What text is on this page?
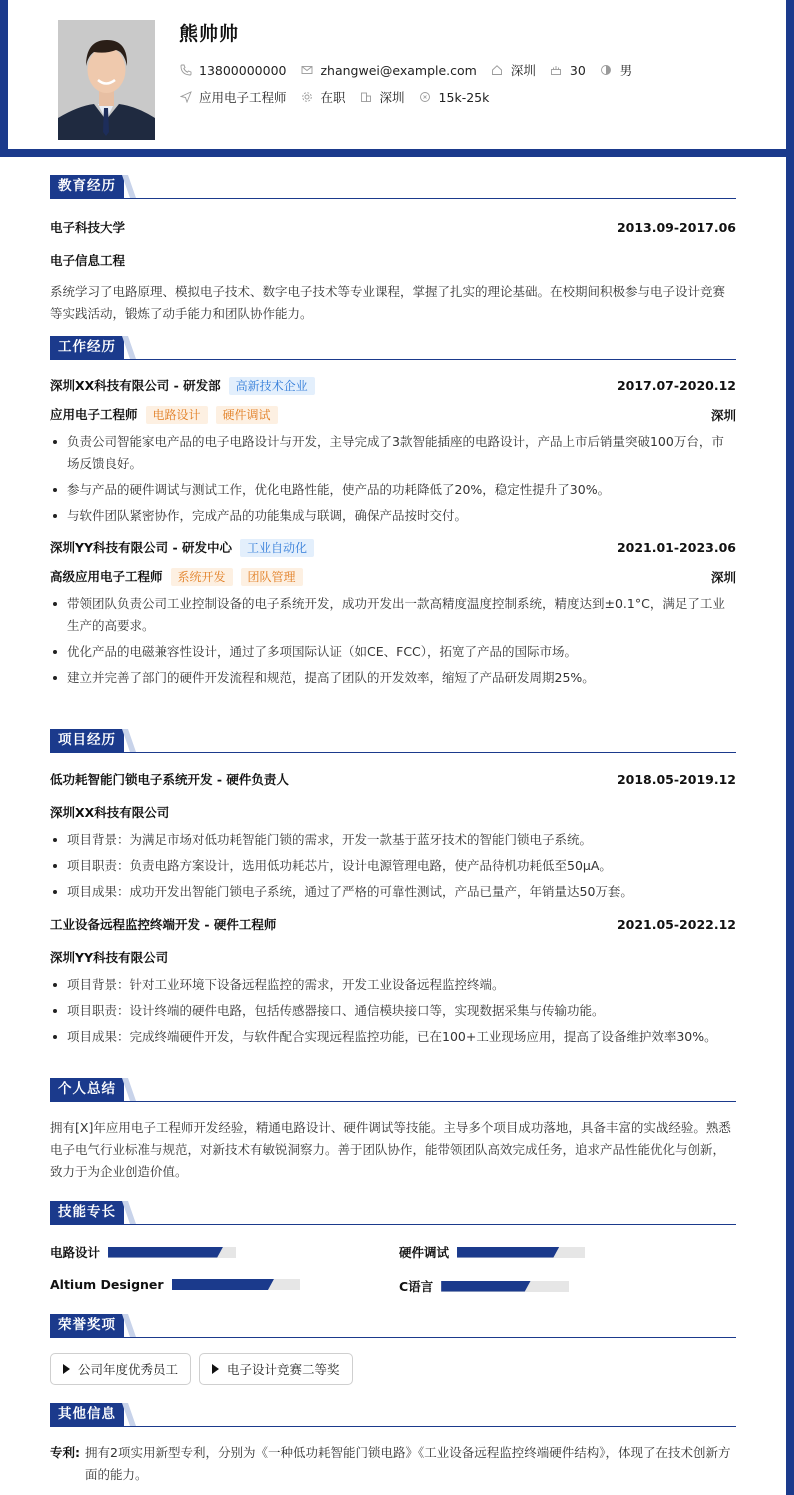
熊帅帅
13800000000	zhangwei@example.com	深圳	30	男
应用电子工程师	在职	深圳	15k-25k
教育经历
电子科技大学	2013.09-2017.06
电子信息工程

系统学习了电路原理、模拟电子技术、数字电子技术等专业课程，掌握了扎实的理论基础。在校期间积极参与电子设计竞赛等实践活动，锻炼了动手能力和团队协作能力。

工作经历
深圳XX科技有限公司 - 研发部 高新技术企业	2017.07-2020.12
应用电子工程师 电路设计 硬件调试	深圳
负责公司智能家电产品的电子电路设计与开发，主导完成了3款智能插座的电路设计，产品上市后销量突破100万台，市场反馈良好。
参与产品的硬件调试与测试工作，优化电路性能，使产品的功耗降低了20%，稳定性提升了30%。
与软件团队紧密协作，完成产品的功能集成与联调，确保产品按时交付。
深圳YY科技有限公司 - 研发中心 工业自动化	2021.01-2023.06
高级应用电子工程师 系统开发 团队管理	深圳
带领团队负责公司工业控制设备的电子系统开发，成功开发出一款高精度温度控制系统，精度达到±0.1°C，满足了工业生产的高要求。
优化产品的电磁兼容性设计，通过了多项国际认证（如CE、FCC），拓宽了产品的国际市场。
建立并完善了部门的硬件开发流程和规范，提高了团队的开发效率，缩短了产品研发周期25%。
项目经历
低功耗智能门锁电子系统开发 - 硬件负责人	2018.05-2019.12
深圳XX科技有限公司
项目背景：为满足市场对低功耗智能门锁的需求，开发一款基于蓝牙技术的智能门锁电子系统。
项目职责：负责电路方案设计，选用低功耗芯片，设计电源管理电路，使产品待机功耗低至50μA。
项目成果：成功开发出智能门锁电子系统，通过了严格的可靠性测试，产品已量产，年销量达50万套。
工业设备远程监控终端开发 - 硬件工程师	2021.05-2022.12
深圳YY科技有限公司
项目背景：针对工业环境下设备远程监控的需求，开发工业设备远程监控终端。
项目职责：设计终端的硬件电路，包括传感器接口、通信模块接口等，实现数据采集与传输功能。
项目成果：完成终端硬件开发，与软件配合实现远程监控功能，已在100+工业现场应用，提高了设备维护效率30%。
个人总结

拥有[X]年应用电子工程师开发经验，精通电路设计、硬件调试等技能。主导多个项目成功落地，具备丰富的实战经验。熟悉电子电气行业标准与规范，对新技术有敏锐洞察力。善于团队协作，能带领团队高效完成任务，追求产品性能优化与创新，致力于为企业创造价值。

技能专长
电路设计	硬件调试
Altium Designer	C语言
荣誉奖项
公司年度优秀员工	电子设计竞赛二等奖
其他信息
专利: 拥有2项实用新型专利，分别为《一种低功耗智能门锁电路》《工业设备远程监控终端硬件结构》，体现了在技术创新方面的能力。
